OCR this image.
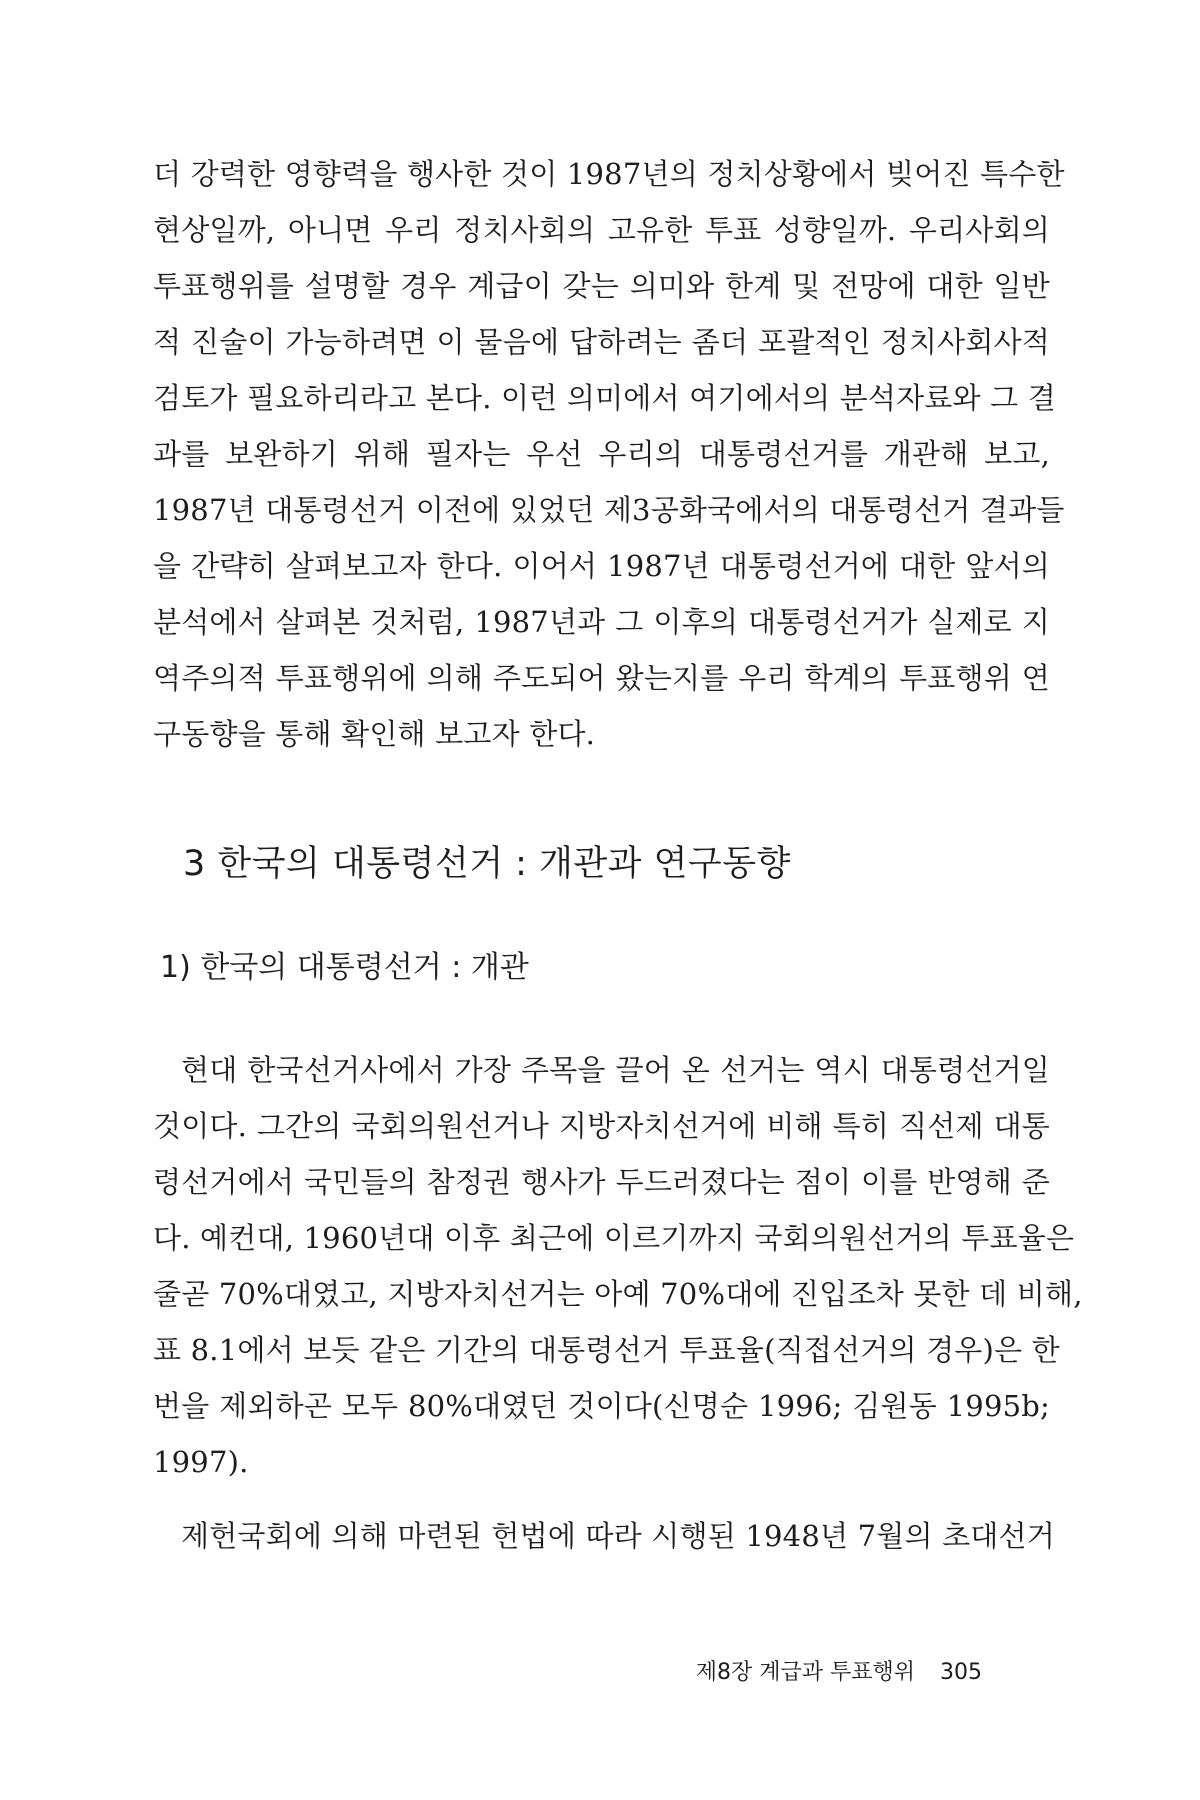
더 강력한 영향력을 행사한 것이 1987년의 정치상황에서 빚어진 특수한
현상일까, 아니면 우리 정치사회의 고유한 투표 성향일까. 우리사회의
투표행위를 설명할 경우 계급이 갖는 의미와 한계 및 전망에 대한 일반
적 진술이 가능하려면 이 물음에 답하려는 좀더 포괄적인 정치사회사적
검토가 필요하리라고 본다. 이런 의미에서 여기에서의 분석자료와 그 결
과를 보완하기 위해 필자는 우선 우리의 대통령선거를 개관해 보고,
1987년 대통령선거 이전에 있었던 제3공화국에서의 대통령선거 결과들
을 간략히 살펴보고자 한다. 이어서 1987년 대통령선거에 대한 앞서의
분석에서 살펴본 것처럼, 1987년과 그 이후의 대통령선거가 실제로 지
역주의적 투표행위에 의해 주도되어 왔는지를 우리 학계의 투표행위 연
구동향을 통해 확인해 보고자 한다.
3 한국의 대통령선거 : 개관과 연구동향
1) 한국의 대통령선거 : 개관
현대 한국선거사에서 가장 주목을 끌어 온 선거는 역시 대통령선거일
것이다. 그간의 국회의원선거나 지방자치선거에 비해 특히 직선제 대통
령선거에서 국민들의 참정권 행사가 두드러졌다는 점이 이를 반영해 준
다. 예컨대, 1960년대 이후 최근에 이르기까지 국회의원선거의 투표율은
줄곧 70%대였고, 지방자치선거는 아예 70%대에 진입조차 못한 데 비해,
표 8.1에서 보듯 같은 기간의 대통령선거 투표율(직접선거의 경우)은 한
번을 제외하곤 모두 80%대였던 것이다(신명순 1996; 김원동 1995b;
1997).
제헌국회에 의해 마련된 헌법에 따라 시행된 1948년 7월의 초대선거
제8장 계급과 투표행위 305
